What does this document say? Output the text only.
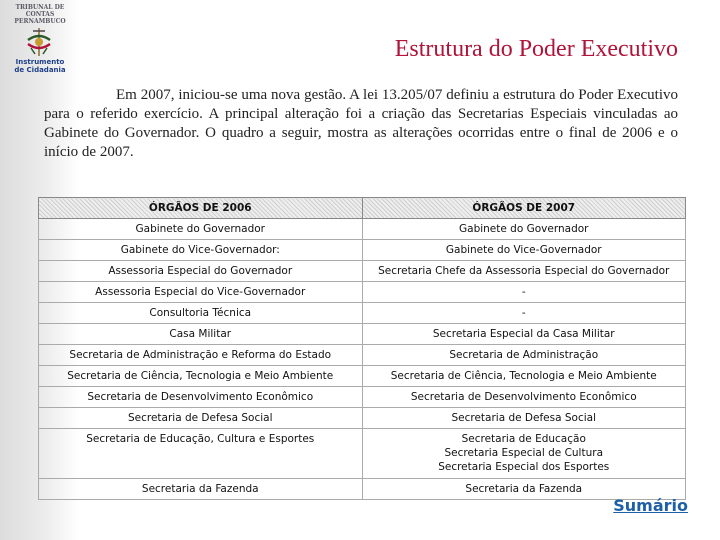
TRIBUNAL DE CONTAS
PERNAMBUCO
Instrumento
de Cidadania
Estrutura do Poder Executivo

Em 2007, iniciou-se uma nova gestão. A lei 13.205/07 definiu a estrutura do Poder Executivo para o referido exercício. A principal alteração foi a criação das Secretarias Especiais vinculadas ao Gabinete do Governador. O quadro a seguir, mostra as alterações ocorridas entre o final de 2006 e o início de 2007.

ÓRGÃOS DE 2006	ÓRGÃOS DE 2007
Gabinete do Governador	Gabinete do Governador
Gabinete do Vice-Governador:	Gabinete do Vice-Governador
Assessoria Especial do Governador	Secretaria Chefe da Assessoria Especial do Governador
Assessoria Especial do Vice-Governador	-
Consultoria Técnica	-
Casa Militar	Secretaria Especial da Casa Militar
Secretaria de Administração e Reforma do Estado	Secretaria de Administração
Secretaria de Ciência, Tecnologia e Meio Ambiente	Secretaria de Ciência, Tecnologia e Meio Ambiente
Secretaria de Desenvolvimento Econômico	Secretaria de Desenvolvimento Econômico
Secretaria de Defesa Social	Secretaria de Defesa Social
Secretaria de Educação, Cultura e Esportes	Secretaria de Educação
Secretaria Especial de Cultura
Secretaria Especial dos Esportes
Secretaria da Fazenda	Secretaria da Fazenda
Sumário
